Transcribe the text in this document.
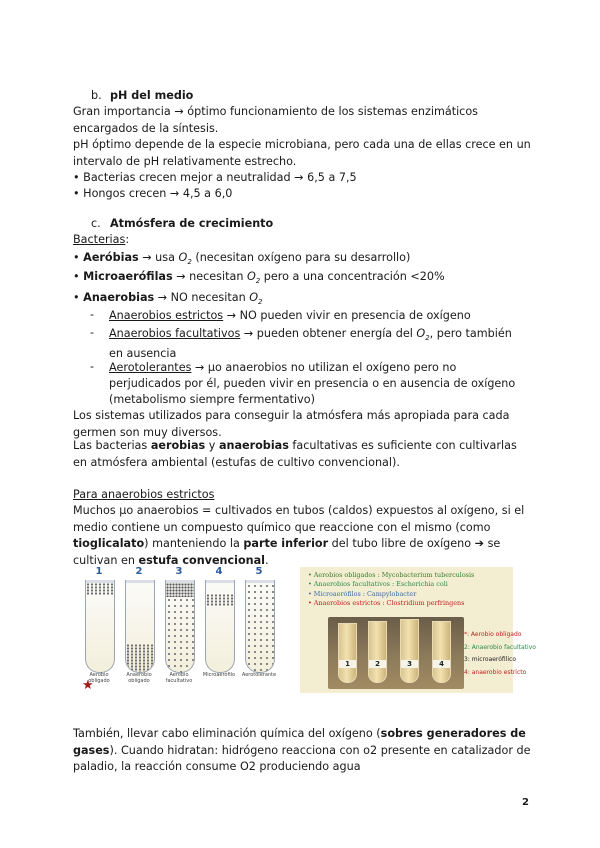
b. pH del medio
Gran importancia → óptimo funcionamiento de los sistemas enzimáticos encargados de la síntesis.
pH óptimo depende de la especie microbiana, pero cada una de ellas crece en un intervalo de pH relativamente estrecho.
• Bacterias crecen mejor a neutralidad → 6,5 a 7,5
• Hongos crecen → 4,5 a 6,0
c. Atmósfera de crecimiento
Bacterias:
• Aeróbias → usa $O_2$ (necesitan oxígeno para su desarrollo)
• Microaerófilas → necesitan $O_2$ pero a una concentración <20%
• Anaerobias → NO necesitan $O_2$
- Anaerobios estrictos → NO pueden vivir en presencia de oxígeno
- Anaerobios facultativos → pueden obtener energía del $O_2$, pero también en ausencia
- Aerotolerantes → μo anaerobios no utilizan el oxígeno pero no perjudicados por él, pueden vivir en presencia o en ausencia de oxígeno (metabolismo siempre fermentativo)
Los sistemas utilizados para conseguir la atmósfera más apropiada para cada germen son muy diversos.
Las bacterias aerobias y anaerobias facultativas es suficiente con cultivarlas en atmósfera ambiental (estufas de cultivo convencional).
Para anaerobios estrictos
Muchos μo anaerobios = cultivados en tubos (caldos) expuestos al oxígeno, si el medio contiene un compuesto químico que reaccione con el mismo (como tioglicalato) manteniendo la parte inferior del tubo libre de oxígeno ➔ se cultivan en estufa convencional.
1
Aerobio obligado
2
Anaerobio obligado
3
Aerobio facultativo
4
Microaerófilo
5
Aerotolerante
★
• Aerobios obligados : Mycobacterium tuberculosis
• Anaerobios facultativos : Escherichia coli
• Microaerófilos : Campylobacter
• Anaerobios estrictos : Clostridium perfringens
1	2	3	4
*: Aerobio obligado
2: Anaerobio facultativo
3: microaerófilico
4: anaerobio estricto
También, llevar cabo eliminación química del oxígeno (sobres generadores de gases). Cuando hidratan: hidrógeno reacciona con o2 presente en catalizador de paladio, la reacción consume O2 produciendo agua
2
